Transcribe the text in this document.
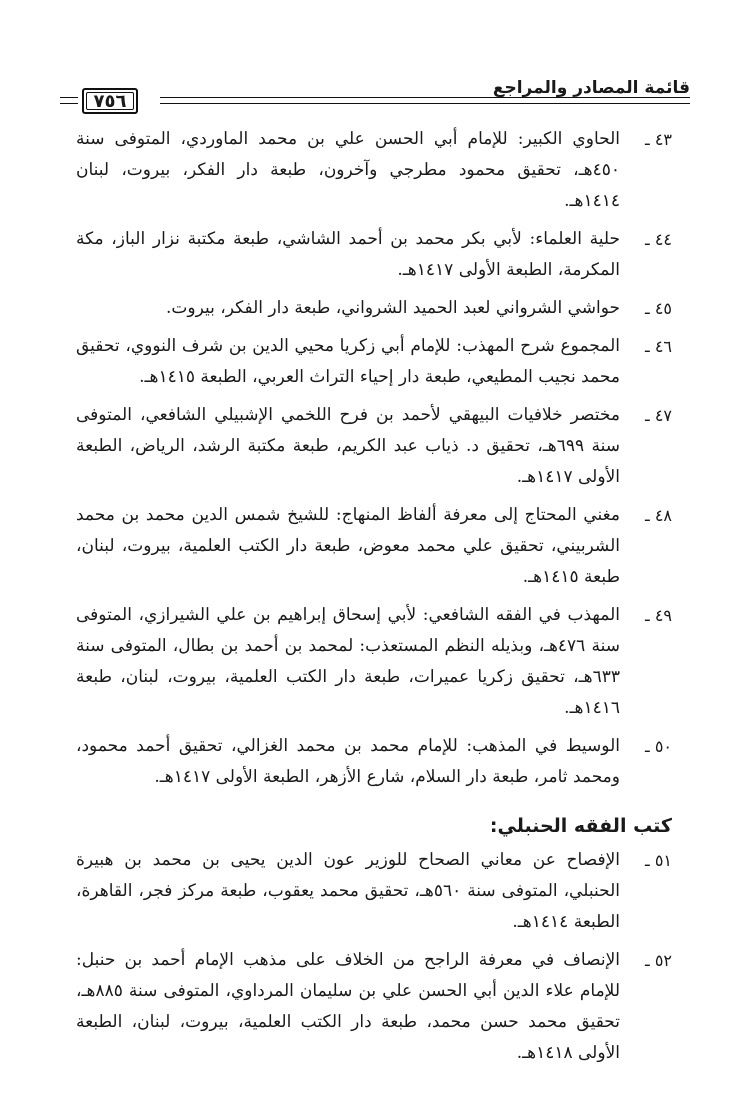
قائمة المصادر والمراجع
٧٥٦
٤٣ ـ
الحاوي الكبير: للإمام أبي الحسن علي بن محمد الماوردي، المتوفى سنة ٤٥٠هـ، تحقيق محمود مطرجي وآخرون، طبعة دار الفكر، بيروت، لبنان ١٤١٤هـ.
٤٤ ـ
حلية العلماء: لأبي بكر محمد بن أحمد الشاشي، طبعة مكتبة نزار الباز، مكة المكرمة، الطبعة الأولى ١٤١٧هـ.
٤٥ ـ
حواشي الشرواني لعبد الحميد الشرواني، طبعة دار الفكر، بيروت.
٤٦ ـ
المجموع شرح المهذب: للإمام أبي زكريا محيي الدين بن شرف النووي، تحقيق محمد نجيب المطيعي، طبعة دار إحياء التراث العربي، الطبعة ١٤١٥هـ.
٤٧ ـ
مختصر خلافيات البيهقي لأحمد بن فرح اللخمي الإشبيلي الشافعي، المتوفى سنة ٦٩٩هـ، تحقيق د. ذياب عبد الكريم، طبعة مكتبة الرشد، الرياض، الطبعة الأولى ١٤١٧هـ.
٤٨ ـ
مغني المحتاج إلى معرفة ألفاظ المنهاج: للشيخ شمس الدين محمد بن محمد الشربيني، تحقيق علي محمد معوض، طبعة دار الكتب العلمية، بيروت، لبنان، طبعة ١٤١٥هـ.
٤٩ ـ
المهذب في الفقه الشافعي: لأبي إسحاق إبراهيم بن علي الشيرازي، المتوفى سنة ٤٧٦هـ، وبذيله النظم المستعذب: لمحمد بن أحمد بن بطال، المتوفى سنة ٦٣٣هـ، تحقيق زكريا عميرات، طبعة دار الكتب العلمية، بيروت، لبنان، طبعة ١٤١٦هـ.
٥٠ ـ
الوسيط في المذهب: للإمام محمد بن محمد الغزالي، تحقيق أحمد محمود، ومحمد ثامر، طبعة دار السلام، شارع الأزهر، الطبعة الأولى ١٤١٧هـ.
كتب الفقه الحنبلي:
٥١ ـ
الإفصاح عن معاني الصحاح للوزير عون الدين يحيى بن محمد بن هبيرة الحنبلي، المتوفى سنة ٥٦٠هـ، تحقيق محمد يعقوب، طبعة مركز فجر، القاهرة، الطبعة ١٤١٤هـ.
٥٢ ـ
الإنصاف في معرفة الراجح من الخلاف على مذهب الإمام أحمد بن حنبل: للإمام علاء الدين أبي الحسن علي بن سليمان المرداوي، المتوفى سنة ٨٨٥هـ، تحقيق محمد حسن محمد، طبعة دار الكتب العلمية، بيروت، لبنان، الطبعة الأولى ١٤١٨هـ.
